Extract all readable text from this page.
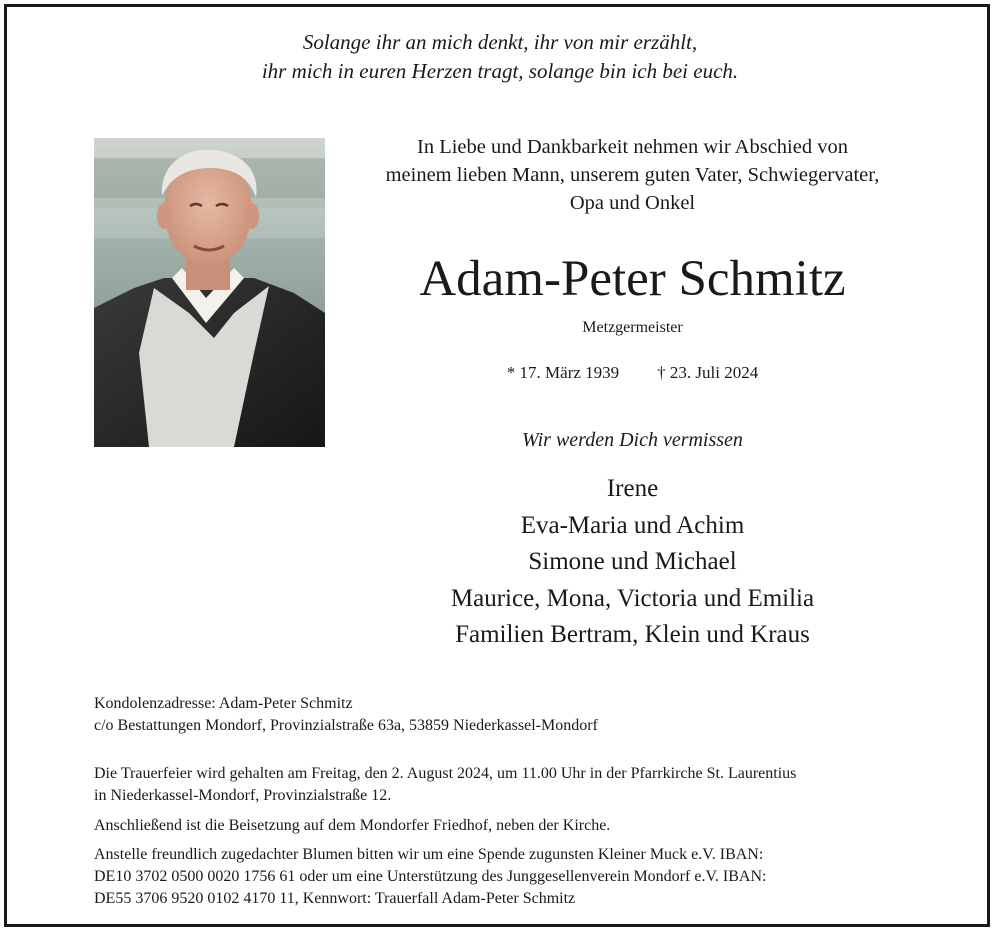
Solange ihr an mich denkt, ihr von mir erzählt,
ihr mich in euren Herzen tragt, solange bin ich bei euch.
In Liebe und Dankbarkeit nehmen wir Abschied von
meinem lieben Mann, unserem guten Vater, Schwiegervater,
Opa und Onkel
Adam-Peter Schmitz
Metzgermeister
* 17. März 1939 † 23. Juli 2024
Wir werden Dich vermissen
Irene
Eva-Maria und Achim
Simone und Michael
Maurice, Mona, Victoria und Emilia
Familien Bertram, Klein und Kraus
Kondolenzadresse: Adam-Peter Schmitz
c/o Bestattungen Mondorf, Provinzialstraße 63a, 53859 Niederkassel-Mondorf
Die Trauerfeier wird gehalten am Freitag, den 2. August 2024, um 11.00 Uhr in der Pfarrkirche St. Laurentius
in Niederkassel-Mondorf, Provinzialstraße 12.
Anschließend ist die Beisetzung auf dem Mondorfer Friedhof, neben der Kirche.
Anstelle freundlich zugedachter Blumen bitten wir um eine Spende zugunsten Kleiner Muck e.V. IBAN:
DE10 3702 0500 0020 1756 61 oder um eine Unterstützung des Junggesellenverein Mondorf e.V. IBAN:
DE55 3706 9520 0102 4170 11, Kennwort: Trauerfall Adam-Peter Schmitz
